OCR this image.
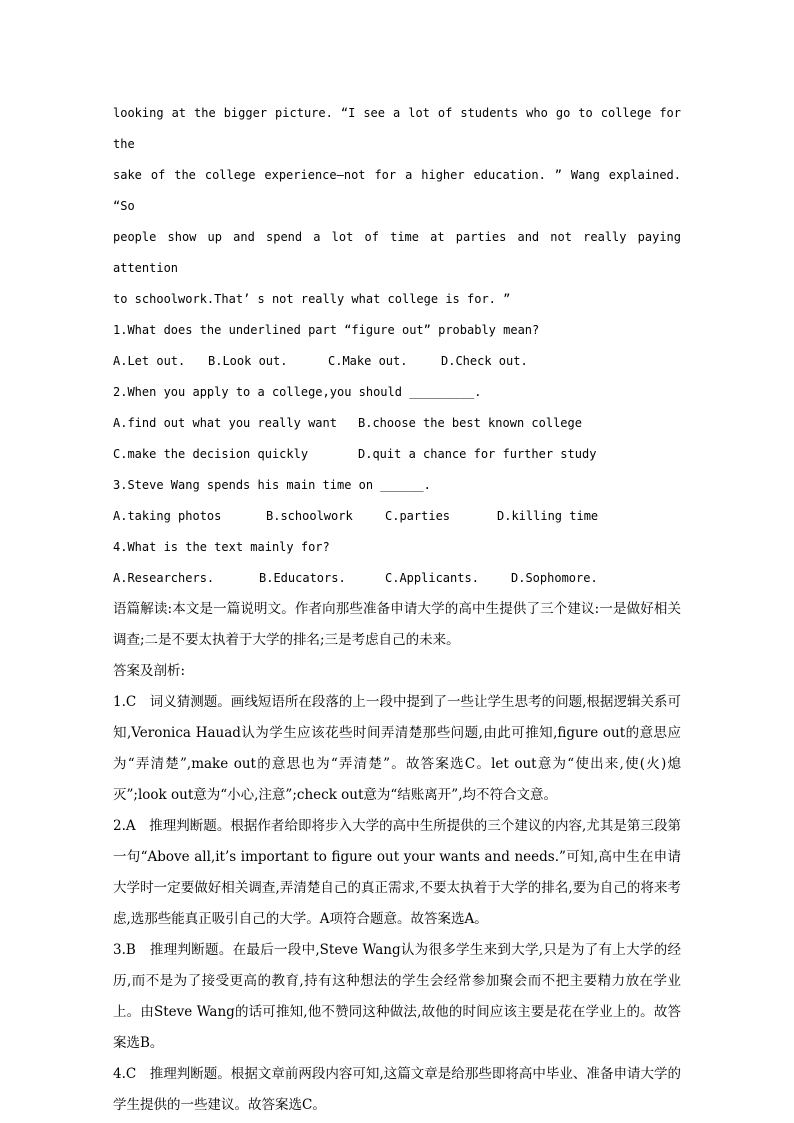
looking at the bigger picture. “I see a lot of students who go to college for the
sake of the college experience—not for a higher education. ” Wang explained. “So
people show up and spend a lot of time at parties and not really paying attention
to schoolwork.That’ s not really what college is for. ”
1.What does the underlined part “figure out” probably mean?
A.Let out.	B.Look out.	C.Make out.	D.Check out.
2.When you apply to a college,you should _________.
A.find out what you really want	B.choose the best known college
C.make the decision quickly	D.quit a chance for further study
3.Steve Wang spends his main time on ______.
A.taking photos	B.schoolwork	C.parties	D.killing time
4.What is the text mainly for?
A.Researchers.	B.Educators.	C.Applicants.	D.Sophomore.

语篇解读:本文是一篇说明文。作者向那些准备申请大学的高中生提供了三个建议:一是做好相关调查;二是不要太执着于大学的排名;三是考虑自己的未来。

答案及剖析:

1.C　词义猜测题。画线短语所在段落的上一段中提到了一些让学生思考的问题,根据逻辑关系可知,Veronica Hauad认为学生应该花些时间弄清楚那些问题,由此可推知,figure out的意思应为“弄清楚”,make out的意思也为“弄清楚”。故答案选C。let out意为“使出来,使(火)熄灭”;look out意为“小心,注意”;check out意为“结账离开”,均不符合文意。

2.A　推理判断题。根据作者给即将步入大学的高中生所提供的三个建议的内容,尤其是第三段第一句“Above all,it’s important to figure out your wants and needs.”可知,高中生在申请大学时一定要做好相关调查,弄清楚自己的真正需求,不要太执着于大学的排名,要为自己的将来考虑,选那些能真正吸引自己的大学。A项符合题意。故答案选A。

3.B　推理判断题。在最后一段中,Steve Wang认为很多学生来到大学,只是为了有上大学的经历,而不是为了接受更高的教育,持有这种想法的学生会经常参加聚会而不把主要精力放在学业上。由Steve Wang的话可推知,他不赞同这种做法,故他的时间应该主要是花在学业上的。故答案选B。

4.C　推理判断题。根据文章前两段内容可知,这篇文章是给那些即将高中毕业、准备申请大学的学生提供的一些建议。故答案选C。
